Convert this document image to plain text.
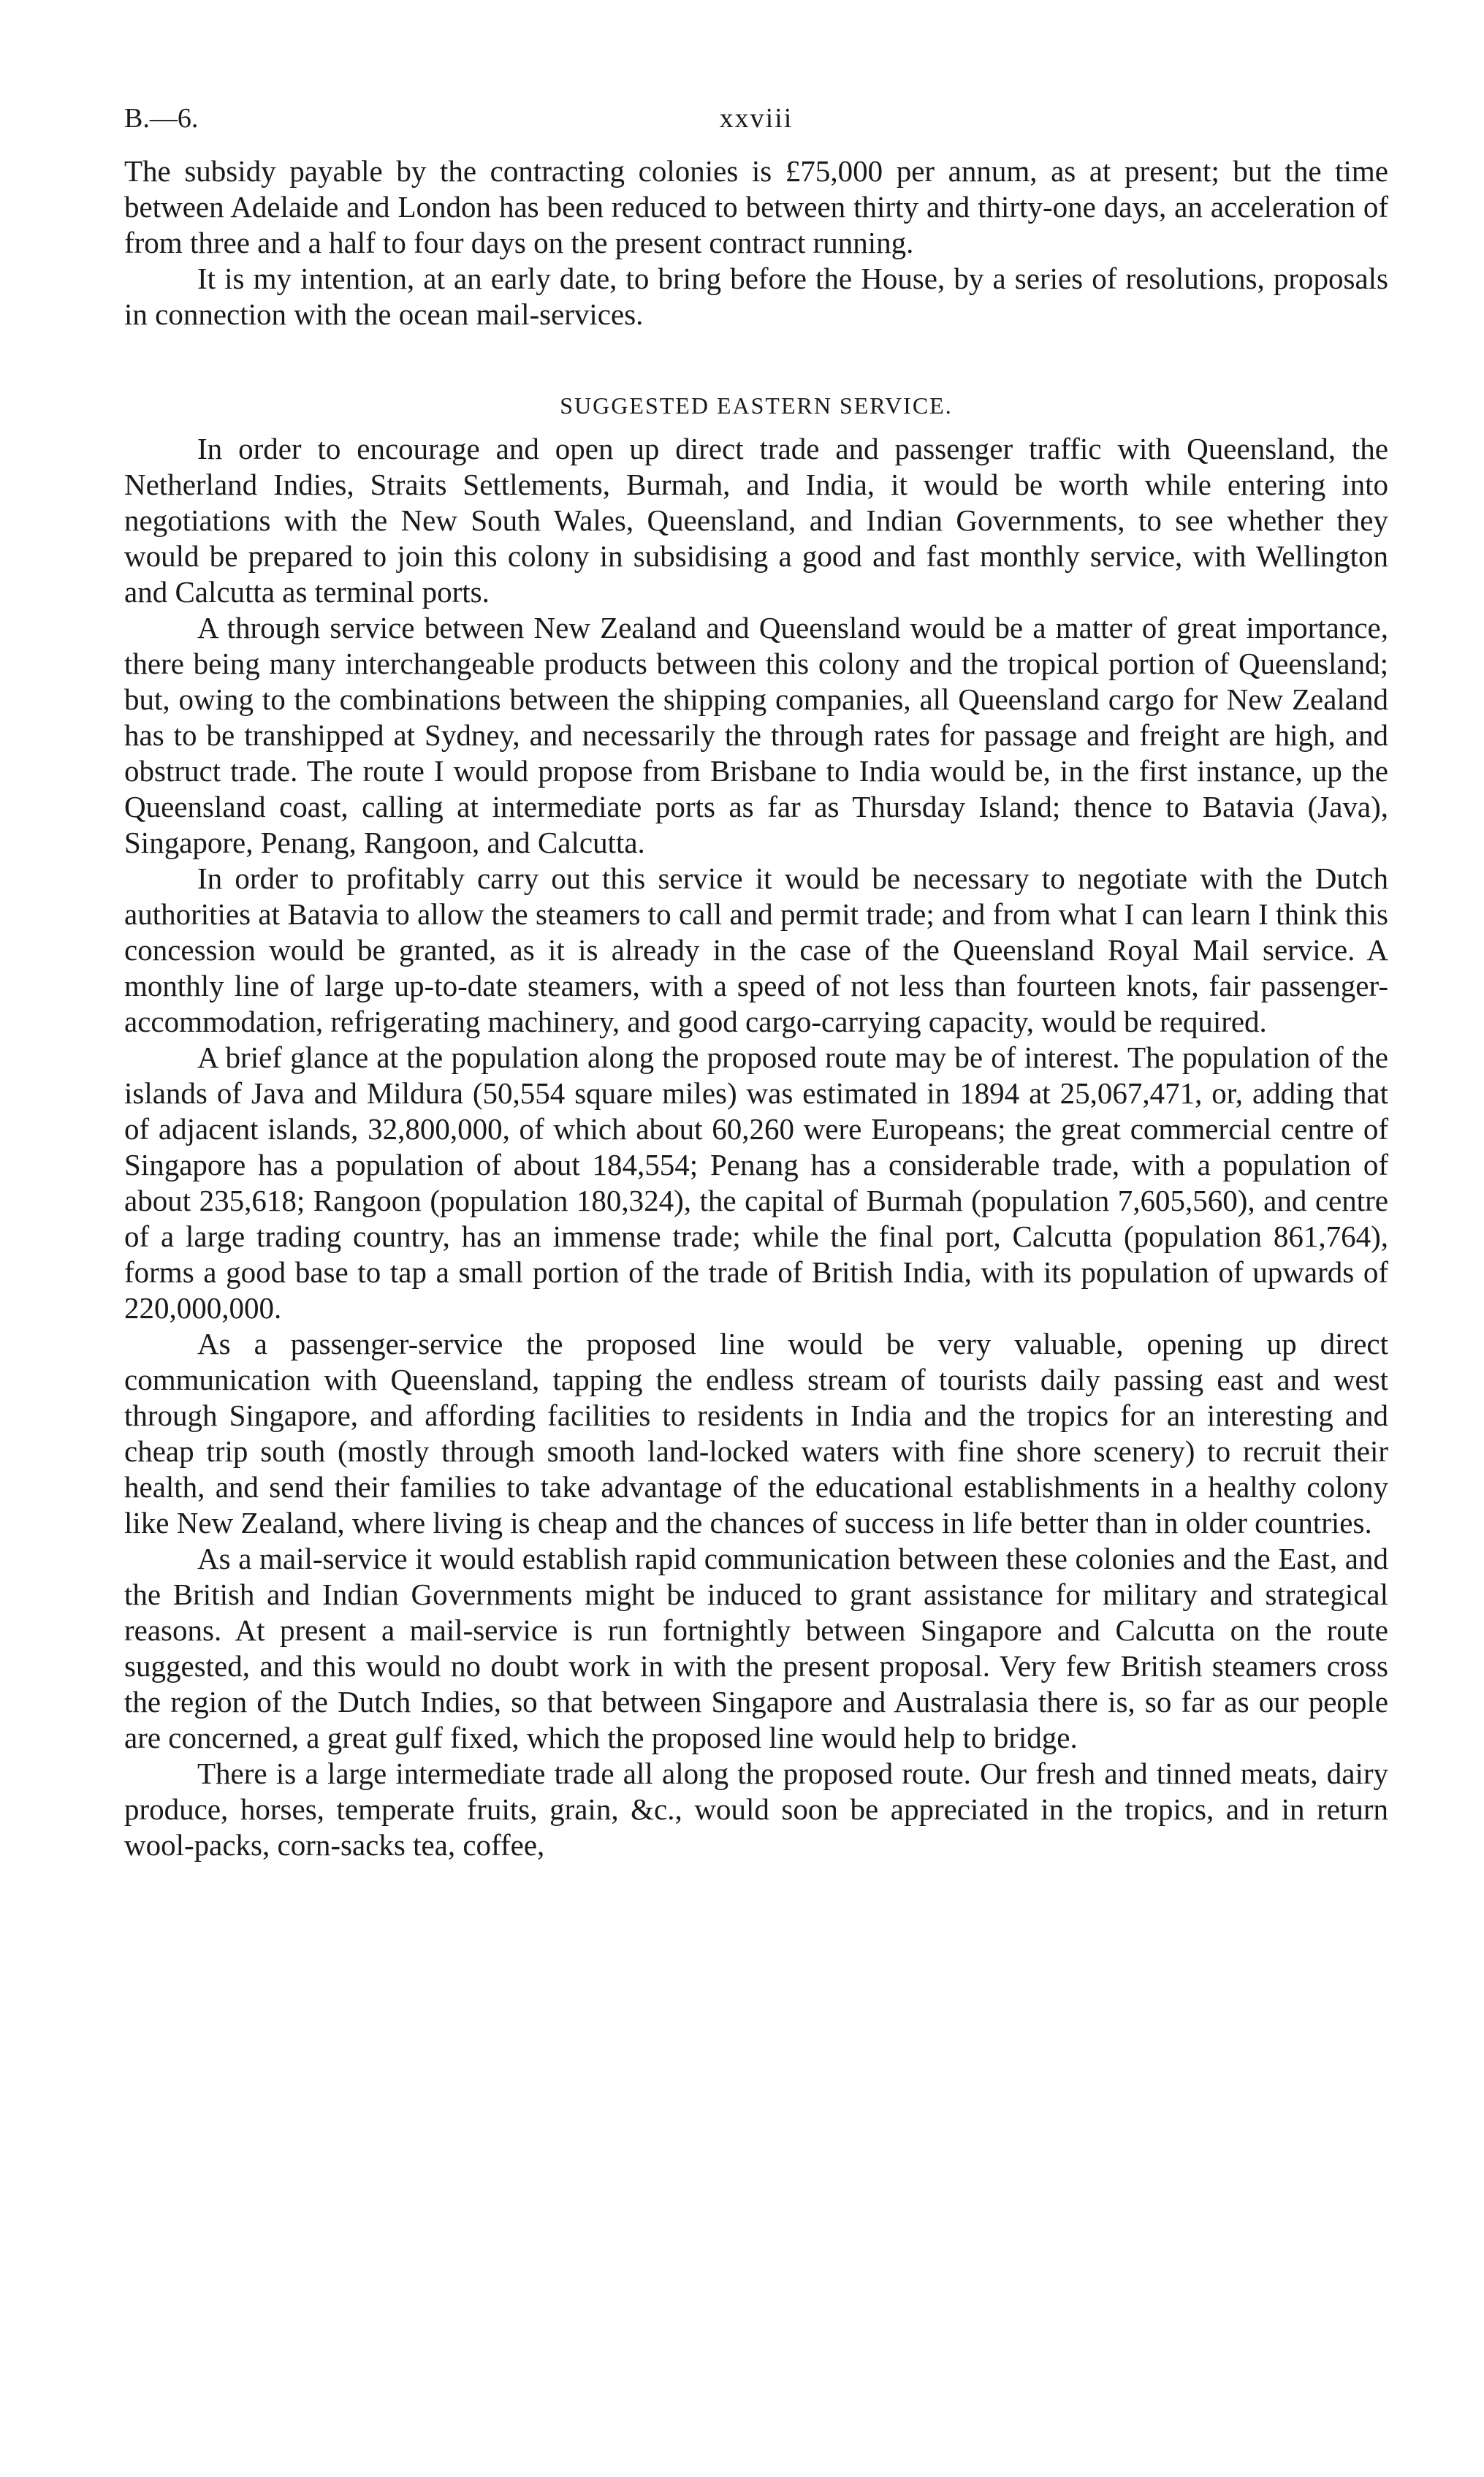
B.—6.	xxviii

The subsidy payable by the contracting colonies is £75,000 per annum, as at present; but the time between Adelaide and London has been reduced to between thirty and thirty-one days, an acceleration of from three and a half to four days on the present contract running.

It is my intention, at an early date, to bring before the House, by a series of resolutions, proposals in connection with the ocean mail-services.

SUGGESTED EASTERN SERVICE.

In order to encourage and open up direct trade and passenger traffic with Queensland, the Netherland Indies, Straits Settlements, Burmah, and India, it would be worth while entering into negotiations with the New South Wales, Queensland, and Indian Governments, to see whether they would be prepared to join this colony in subsidising a good and fast monthly service, with Wellington and Calcutta as terminal ports.

A through service between New Zealand and Queensland would be a matter of great importance, there being many interchangeable products between this colony and the tropical portion of Queensland; but, owing to the combinations between the shipping companies, all Queensland cargo for New Zealand has to be transhipped at Sydney, and necessarily the through rates for passage and freight are high, and obstruct trade. The route I would propose from Brisbane to India would be, in the first instance, up the Queensland coast, calling at intermediate ports as far as Thursday Island; thence to Batavia (Java), Singapore, Penang, Rangoon, and Calcutta.

In order to profitably carry out this service it would be necessary to negotiate with the Dutch authorities at Batavia to allow the steamers to call and permit trade; and from what I can learn I think this concession would be granted, as it is already in the case of the Queensland Royal Mail service. A monthly line of large up-to-date steamers, with a speed of not less than fourteen knots, fair passenger-accommodation, refrigerating machinery, and good cargo-carrying capacity, would be required.

A brief glance at the population along the proposed route may be of interest. The population of the islands of Java and Mildura (50,554 square miles) was estimated in 1894 at 25,067,471, or, adding that of adjacent islands, 32,800,000, of which about 60,260 were Europeans; the great commercial centre of Singapore has a population of about 184,554; Penang has a considerable trade, with a population of about 235,618; Rangoon (population 180,324), the capital of Burmah (population 7,605,560), and centre of a large trading country, has an immense trade; while the final port, Calcutta (population 861,764), forms a good base to tap a small portion of the trade of British India, with its population of upwards of 220,000,000.

As a passenger-service the proposed line would be very valuable, opening up direct communication with Queensland, tapping the endless stream of tourists daily passing east and west through Singapore, and affording facilities to residents in India and the tropics for an interesting and cheap trip south (mostly through smooth land-locked waters with fine shore scenery) to recruit their health, and send their families to take advantage of the educational establishments in a healthy colony like New Zealand, where living is cheap and the chances of success in life better than in older countries.

As a mail-service it would establish rapid communication between these colonies and the East, and the British and Indian Governments might be induced to grant assistance for military and strategical reasons. At present a mail-service is run fortnightly between Singapore and Calcutta on the route suggested, and this would no doubt work in with the present proposal. Very few British steamers cross the region of the Dutch Indies, so that between Singapore and Australasia there is, so far as our people are concerned, a great gulf fixed, which the proposed line would help to bridge.

There is a large intermediate trade all along the proposed route. Our fresh and tinned meats, dairy produce, horses, temperate fruits, grain, &c., would soon be appreciated in the tropics, and in return wool-packs, corn-sacks tea, coffee,
